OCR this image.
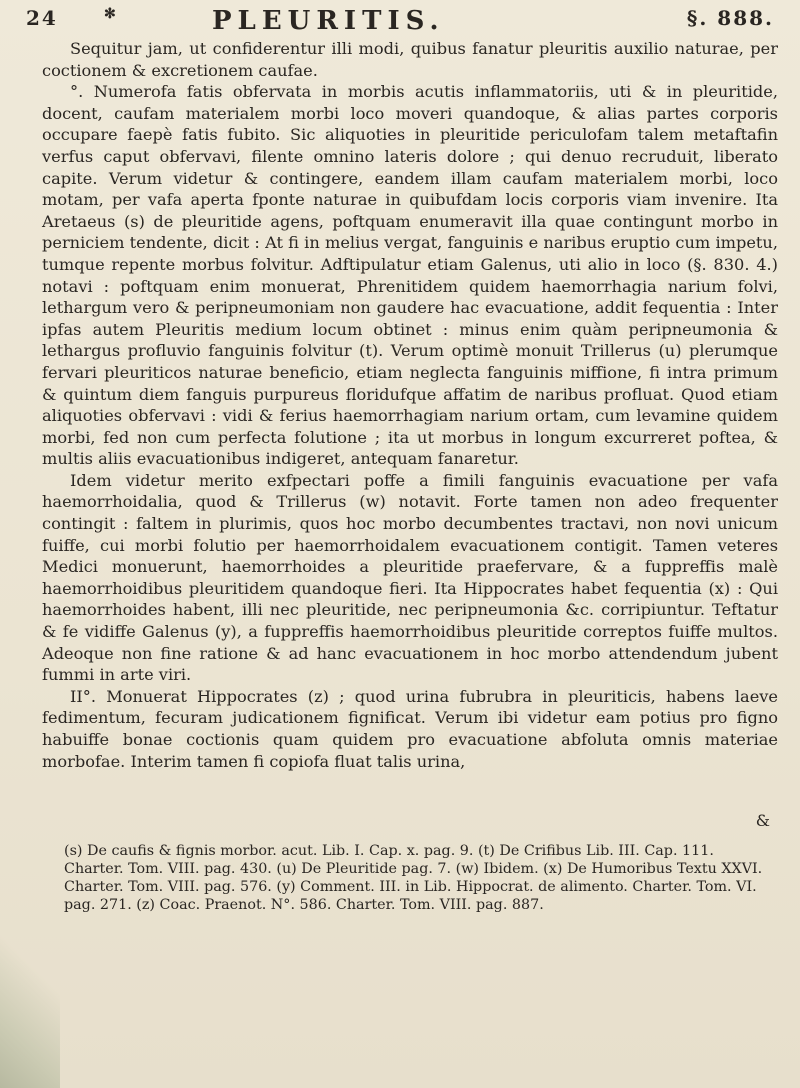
24	✻	PLEURITIS.	§. 888.

Sequitur jam, ut confiderentur illi modi, quibus fanatur pleuritis auxilio naturae, per coctionem & excretionem caufae.

°. Numerofa fatis obfervata in morbis acutis inflammatoriis, uti & in pleuritide, docent, caufam materialem morbi loco moveri quandoque, & alias partes corporis occupare faepè fatis fubito. Sic aliquoties in pleuritide periculofam talem metaftafin verfus caput obfervavi, filente omnino lateris dolore ; qui denuo recruduit, liberato capite. Verum videtur & contingere, eandem illam caufam materialem morbi, loco motam, per vafa aperta fponte naturae in quibufdam locis corporis viam invenire. Ita Aretaeus (s) de pleuritide agens, poftquam enumeravit illa quae contingunt morbo in perniciem tendente, dicit : At fi in melius vergat, fanguinis e naribus eruptio cum impetu, tumque repente morbus folvitur. Adftipulatur etiam Galenus, uti alio in loco (§. 830. 4.) notavi : poftquam enim monuerat, Phrenitidem quidem haemorrhagia narium folvi, lethargum vero & peripneumoniam non gaudere hac evacuatione, addit fequentia : Inter ipfas autem Pleuritis medium locum obtinet : minus enim quàm peripneumonia & lethargus profluvio fanguinis folvitur (t). Verum optimè monuit Trillerus (u) plerumque fervari pleuriticos naturae beneficio, etiam neglecta fanguinis miffione, fi intra primum & quintum diem fanguis purpureus floridufque affatim de naribus profluat. Quod etiam aliquoties obfervavi : vidi & ferius haemorrhagiam narium ortam, cum levamine quidem morbi, fed non cum perfecta folutione ; ita ut morbus in longum excurreret poftea, & multis aliis evacuationibus indigeret, antequam fanaretur.

Idem videtur merito exfpectari poffe a fimili fanguinis evacuatione per vafa haemorrhoidalia, quod & Trillerus (w) notavit. Forte tamen non adeo frequenter contingit : faltem in plurimis, quos hoc morbo decumbentes tractavi, non novi unicum fuiffe, cui morbi folutio per haemorrhoidalem evacuationem contigit. Tamen veteres Medici monuerunt, haemorrhoides a pleuritide praefervare, & a fuppreffis malè haemorrhoidibus pleuritidem quandoque fieri. Ita Hippocrates habet fequentia (x) : Qui haemorrhoides habent, illi nec pleuritide, nec peripneumonia &c. corripiuntur. Teftatur & fe vidiffe Galenus (y), a fuppreffis haemorrhoidibus pleuritide correptos fuiffe multos. Adeoque non fine ratione & ad hanc evacuationem in hoc morbo attendendum jubent fummi in arte viri.

II°. Monuerat Hippocrates (z) ; quod urina fubrubra in pleuriticis, habens laeve fedimentum, fecuram judicationem fignificat. Verum ibi videtur eam potius pro figno habuiffe bonae coctionis quam quidem pro evacuatione abfoluta omnis materiae morbofae. Interim tamen fi copiofa fluat talis urina,

&

(s) De caufis & fignis morbor. acut. Lib. I. Cap. x. pag. 9. (t) De Crifibus Lib. III. Cap. 111. Charter. Tom. VIII. pag. 430. (u) De Pleuritide pag. 7. (w) Ibidem. (x) De Humoribus Textu XXVI. Charter. Tom. VIII. pag. 576. (y) Comment. III. in Lib. Hippocrat. de alimento. Charter. Tom. VI. pag. 271. (z) Coac. Praenot. N°. 586. Charter. Tom. VIII. pag. 887.
